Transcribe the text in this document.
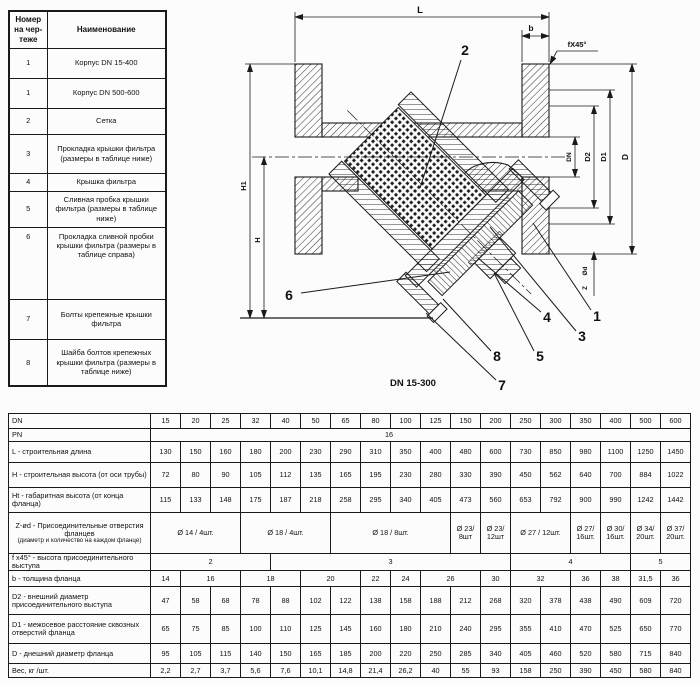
L
b
fX45°
DN D2 D1 D
Ød
Z
H1
H
1
2
3
4
5
6
7
8
DN 15-300
Номер на чер- теже	Наименование
1	Корпус DN 15-400
1	Корпус DN 500-600
2	Сетка
3	Прокладка крышки фильтра (размеры в таблице ниже)
4	Крышка фильтра
5	Сливная пробка крышки фильтра (размеры в таблице ниже)
6	Прокладка сливной пробки крышки фильтра (размеры в таблице справа)
7	Болты крепежные крышки фильтра
8	Шайба болтов крепежных крышки фильтра (размеры в таблице ниже)
DN	15	20	25	32	40	50	65	80	100	125	150	200	250	300	350	400	500	600

PN	16																	

L - строительная длина	130	150	160	180	200	230	290	310	350	400	480	600	730	850	980	1100	1250	1450

H - строительная высота (от оси трубы)	72	80	90	105	112	135	165	195	230	280	330	390	450	562	640	700	884	1022

Ht - габаритная высота (от конца фланца)	115	133	148	175	187	218	258	295	340	405	473	560	653	792	900	990	1242	1442

Z-ød - Присоединительные отверстия фланцев
(диаметр и количество на каждом фланце)	Ø 14 / 4шт.			Ø 18 / 4шт.			Ø 18 / 8шт.				Ø 23/ 8шт	Ø 23/ 12шт	Ø 27 / 12шт.		Ø 27/ 16шт.	Ø 30/ 16шт.	Ø 34/ 20шт.	Ø 37/ 20шт.

f x45° - высота присоединительного выступа	2				3								4				5	

b - толщина фланца	14	16		18		20		22	24	26		30	32		36	38	31,5	36

D2 - внешний диаметр присоединительного выступа	47	58	68	78	88	102	122	138	158	188	212	268	320	378	438	490	609	720

D1 - межосевое расстояние сквозных отверстий фланца	65	75	85	100	110	125	145	160	180	210	240	295	355	410	470	525	650	770

D - днешний диаметр фланца	95	105	115	140	150	165	185	200	220	250	285	340	405	460	520	580	715	840

Вес, кг /шт.	2,2	2,7	3,7	5,6	7,6	10,1	14,8	21,4	26,2	40	55	93	158	250	390	450	580	840
